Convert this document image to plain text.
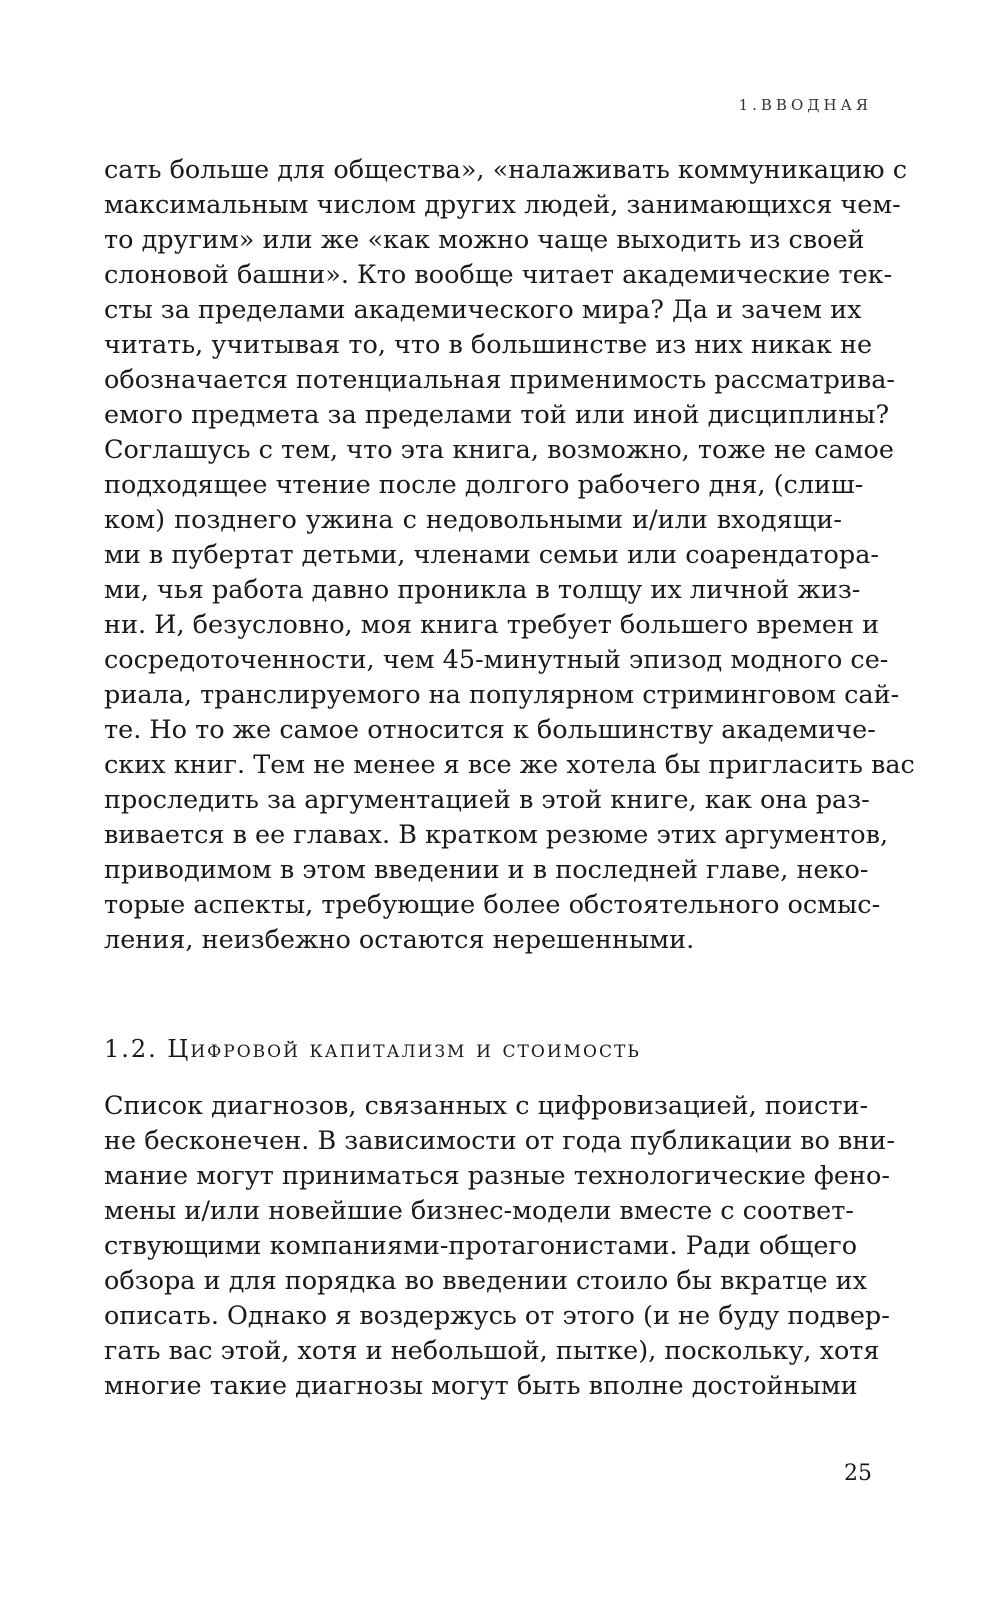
1.ВВОДНАЯ
сать больше для общества», «налаживать коммуникацию с
максимальным числом других людей, занимающихся чем-
то другим» или же «как можно чаще выходить из своей
слоновой башни». Кто вообще читает академические тек-
сты за пределами академического мира? Да и зачем их
читать, учитывая то, что в большинстве из них никак не
обозначается потенциальная применимость рассматрива-
емого предмета за пределами той или иной дисциплины?
Соглашусь с тем, что эта книга, возможно, тоже не самое
подходящее чтение после долгого рабочего дня, (слиш-
ком) позднего ужина с недовольными и/или входящи-
ми в пубертат детьми, членами семьи или соарендатора-
ми, чья работа давно проникла в толщу их личной жиз-
ни. И, безусловно, моя книга требует большего времен и
сосредоточенности, чем 45-минутный эпизод модного се-
риала, транслируемого на популярном стриминговом сай-
те. Но то же самое относится к большинству академиче-
ских книг. Тем не менее я все же хотела бы пригласить вас
проследить за аргументацией в этой книге, как она раз-
вивается в ее главах. В кратком резюме этих аргументов,
приводимом в этом введении и в последней главе, неко-
торые аспекты, требующие более обстоятельного осмыс-
ления, неизбежно остаются нерешенными.
1.2. Цифровой капитализм и стоимость
Список диагнозов, связанных с цифровизацией, поисти-
не бесконечен. В зависимости от года публикации во вни-
мание могут приниматься разные технологические фено-
мены и/или новейшие бизнес-модели вместе с соответ-
ствующими компаниями-протагонистами. Ради общего
обзора и для порядка во введении стоило бы вкратце их
описать. Однако я воздержусь от этого (и не буду подвер-
гать вас этой, хотя и небольшой, пытке), поскольку, хотя
многие такие диагнозы могут быть вполне достойными
25
